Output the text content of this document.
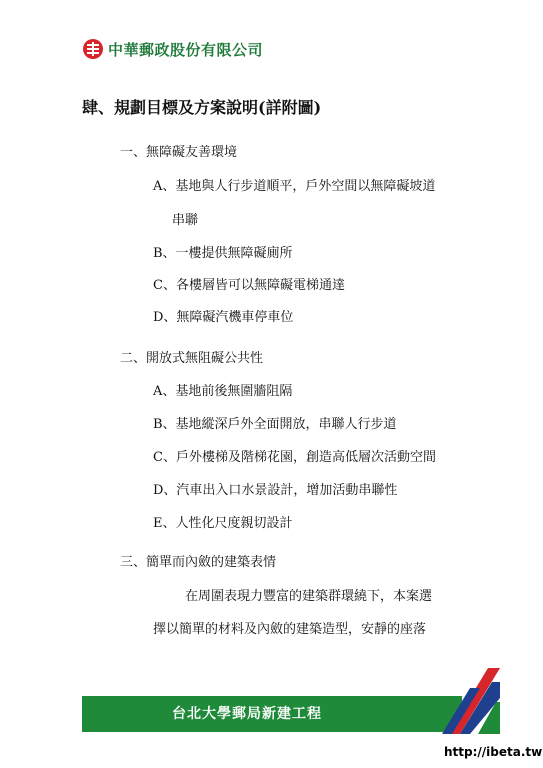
中華郵政股份有限公司
肆、規劃目標及方案說明(詳附圖)
一、無障礙友善環境
A、基地與人行步道順平，戶外空間以無障礙坡道
串聯
B、一樓提供無障礙廁所
C、各樓層皆可以無障礙電梯通達
D、無障礙汽機車停車位
二、開放式無阻礙公共性
A、基地前後無圍牆阻隔
B、基地縱深戶外全面開放，串聯人行步道
C、戶外樓梯及階梯花園，創造高低層次活動空間
D、汽車出入口水景設計，增加活動串聯性
E、人性化尺度親切設計
三、簡單而內斂的建築表情
在周圍表現力豐富的建築群環繞下，本案選
擇以簡單的材料及內斂的建築造型，安靜的座落
台北大學郵局新建工程
http://ibeta.tw
